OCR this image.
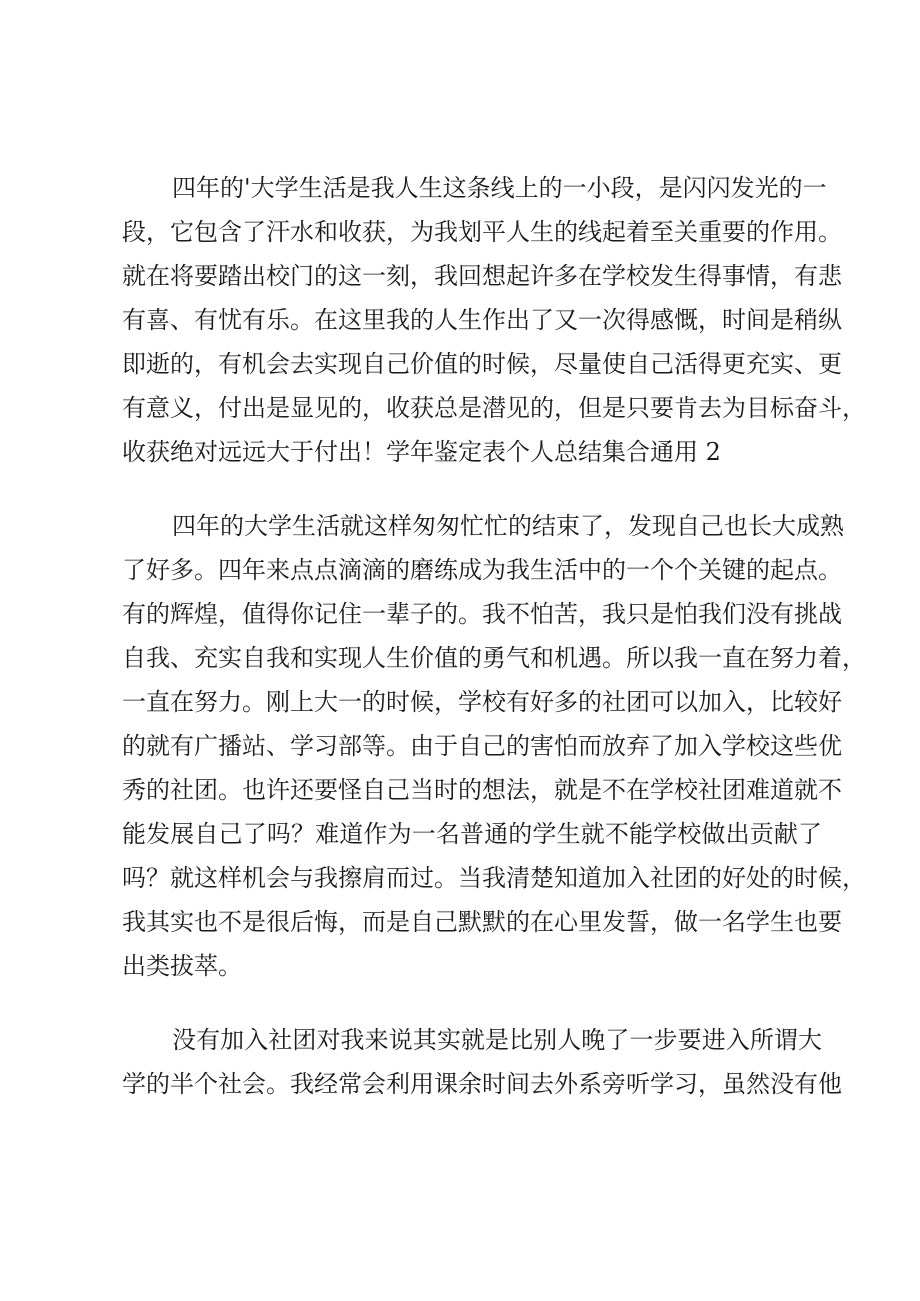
四年的'大学生活是我人生这条线上的一小段，是闪闪发光的一
段，它包含了汗水和收获，为我划平人生的线起着至关重要的作用。
就在将要踏出校门的这一刻，我回想起许多在学校发生得事情，有悲
有喜、有忧有乐。在这里我的人生作出了又一次得感慨，时间是稍纵
即逝的，有机会去实现自己价值的时候，尽量使自己活得更充实、更
有意义，付出是显见的，收获总是潜见的，但是只要肯去为目标奋斗，
收获绝对远远大于付出！学年鉴定表个人总结集合通用 2
四年的大学生活就这样匆匆忙忙的结束了，发现自己也长大成熟
了好多。四年来点点滴滴的磨练成为我生活中的一个个关键的起点。
有的辉煌，值得你记住一辈子的。我不怕苦，我只是怕我们没有挑战
自我、充实自我和实现人生价值的勇气和机遇。所以我一直在努力着，
一直在努力。刚上大一的时候，学校有好多的社团可以加入，比较好
的就有广播站、学习部等。由于自己的害怕而放弃了加入学校这些优
秀的社团。也许还要怪自己当时的想法，就是不在学校社团难道就不
能发展自己了吗？难道作为一名普通的学生就不能学校做出贡献了
吗？就这样机会与我擦肩而过。当我清楚知道加入社团的好处的时候，
我其实也不是很后悔，而是自己默默的在心里发誓，做一名学生也要
出类拔萃。
没有加入社团对我来说其实就是比别人晚了一步要进入所谓大
学的半个社会。我经常会利用课余时间去外系旁听学习，虽然没有他
